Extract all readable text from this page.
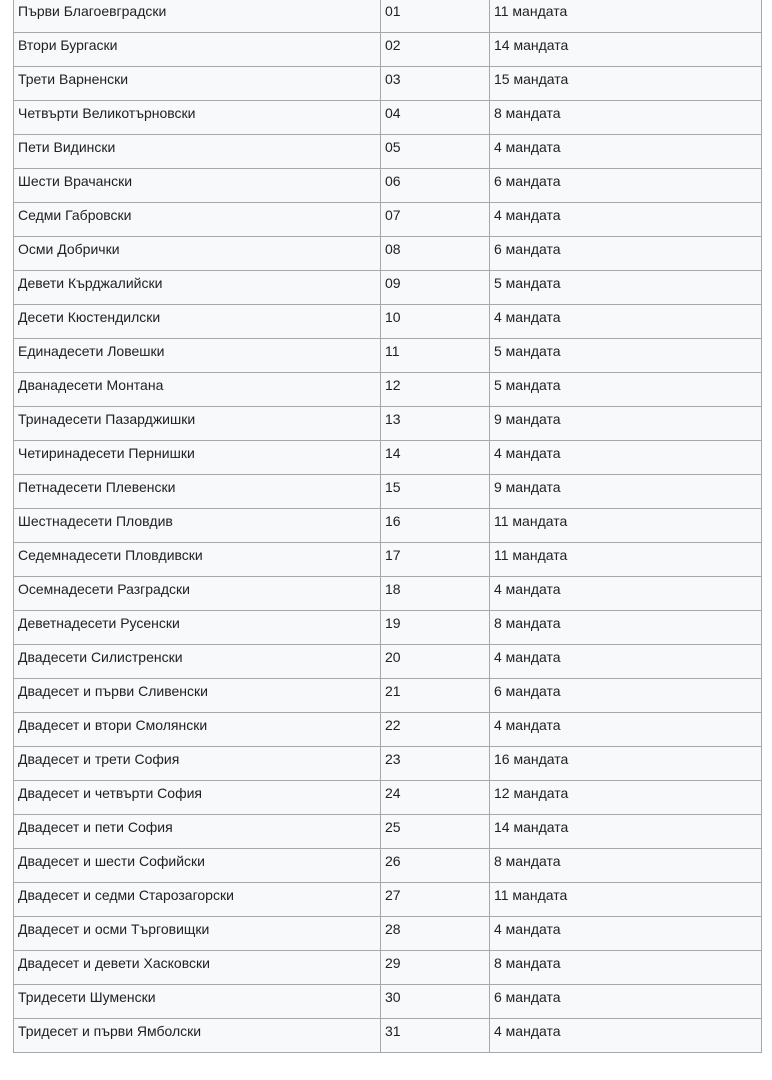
Първи Благоевградски	01	11 мандата
Втори Бургаски	02	14 мандата
Трети Варненски	03	15 мандата
Четвърти Великотърновски	04	8 мандата
Пети Видински	05	4 мандата
Шести Врачански	06	6 мандата
Седми Габровски	07	4 мандата
Осми Добрички	08	6 мандата
Девети Кърджалийски	09	5 мандата
Десети Кюстендилски	10	4 мандата
Единадесети Ловешки	11	5 мандата
Дванадесети Монтана	12	5 мандата
Тринадесети Пазарджишки	13	9 мандата
Четиринадесети Пернишки	14	4 мандата
Петнадесети Плевенски	15	9 мандата
Шестнадесети Пловдив	16	11 мандата
Седемнадесети Пловдивски	17	11 мандата
Осемнадесети Разградски	18	4 мандата
Деветнадесети Русенски	19	8 мандата
Двадесети Силистренски	20	4 мандата
Двадесет и първи Сливенски	21	6 мандата
Двадесет и втори Смолянски	22	4 мандата
Двадесет и трети София	23	16 мандата
Двадесет и четвърти София	24	12 мандата
Двадесет и пети София	25	14 мандата
Двадесет и шести Софийски	26	8 мандата
Двадесет и седми Старозагорски	27	11 мандата
Двадесет и осми Търговищки	28	4 мандата
Двадесет и девети Хасковски	29	8 мандата
Тридесети Шуменски	30	6 мандата
Тридесет и първи Ямболски	31	4 мандата
